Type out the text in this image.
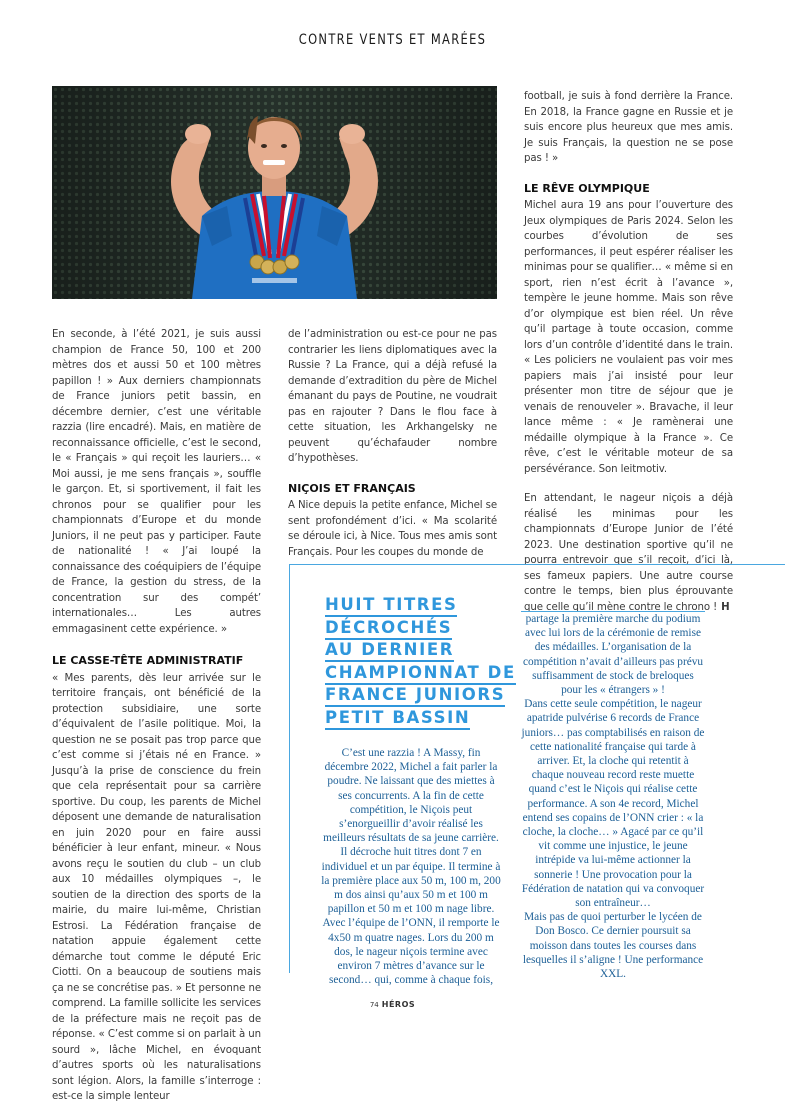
CONTRE VENTS ET MARÉES

En seconde, à l’été 2021, je suis aussi champion de France 50, 100 et 200 mètres dos et aussi 50 et 100 mètres papillon ! » Aux derniers championnats de France juniors petit bassin, en décembre dernier, c’est une véritable razzia (lire encadré). Mais, en matière de reconnaissance officielle, c’est le second, le « Français » qui reçoit les lauriers… « Moi aussi, je me sens français », souffle le garçon. Et, si sportivement, il fait les chronos pour se qualifier pour les championnats d’Europe et du monde Juniors, il ne peut pas y participer. Faute de nationalité ! « J’ai loupé la connaissance des coéquipiers de l’équipe de France, la gestion du stress, de la concentration sur des compét’ internationales… Les autres emmagasinent cette expérience. »

LE CASSE-TÊTE ADMINISTRATIF

« Mes parents, dès leur arrivée sur le territoire français, ont bénéficié de la protection subsidiaire, une sorte d’équivalent de l’asile politique. Moi, la question ne se posait pas trop parce que c’est comme si j’étais né en France. » Jusqu’à la prise de conscience du frein que cela représentait pour sa carrière sportive. Du coup, les parents de Michel déposent une demande de naturalisation en juin 2020 pour en faire aussi bénéficier à leur enfant, mineur. « Nous avons reçu le soutien du club – un club aux 10 médailles olympiques –, le soutien de la direction des sports de la mairie, du maire lui-même, Christian Estrosi. La Fédération française de natation appuie également cette démarche tout comme le député Eric Ciotti. On a beaucoup de soutiens mais ça ne se concrétise pas. » Et personne ne comprend. La famille sollicite les services de la préfecture mais ne reçoit pas de réponse. « C’est comme si on parlait à un sourd », lâche Michel, en évoquant d’autres sports où les naturalisations sont légion. Alors, la famille s’interroge : est-ce la simple lenteur

de l’administration ou est-ce pour ne pas contrarier les liens diplomatiques avec la Russie ? La France, qui a déjà refusé la demande d’extradition du père de Michel émanant du pays de Poutine, ne voudrait pas en rajouter ? Dans le flou face à cette situation, les Arkhangelsky ne peuvent qu’échafauder nombre d’hypothèses.

NIÇOIS ET FRANÇAIS

A Nice depuis la petite enfance, Michel se sent profondément d’ici. « Ma scolarité se déroule ici, à Nice. Tous mes amis sont Français. Pour les coupes du monde de

football, je suis à fond derrière la France. En 2018, la France gagne en Russie et je suis encore plus heureux que mes amis. Je suis Français, la question ne se pose pas ! »

LE RÊVE OLYMPIQUE

Michel aura 19 ans pour l’ouverture des Jeux olympiques de Paris 2024. Selon les courbes d’évolution de ses performances, il peut espérer réaliser les minimas pour se qualifier… « même si en sport, rien n’est écrit à l’avance », tempère le jeune homme. Mais son rêve d’or olympique est bien réel. Un rêve qu’il partage à toute occasion, comme lors d’un contrôle d’identité dans le train. « Les policiers ne voulaient pas voir mes papiers mais j’ai insisté pour leur présenter mon titre de séjour que je venais de renouveler ». Bravache, il leur lance même : « Je ramènerai une médaille olympique à la France ». Ce rêve, c’est le véritable moteur de sa persévérance. Son leitmotiv.

En attendant, le nageur niçois a déjà réalisé les minimas pour les championnats d’Europe Junior de l’été 2023. Une destination sportive qu’il ne pourra entrevoir que s’il reçoit, d’ici là, ses fameux papiers. Une autre course contre le temps, bien plus éprouvante que celle qu’il mène contre le chrono ! H

HUIT TITRES
DÉCROCHÉS
AU DERNIER
CHAMPIONNAT DE
FRANCE JUNIORS
PETIT BASSIN

C’est une razzia ! A Massy, fin décembre 2022, Michel a fait parler la poudre. Ne laissant que des miettes à ses concurrents. A la fin de cette compétition, le Niçois peut s’enorgueillir d’avoir réalisé les meilleurs résultats de sa jeune carrière. Il décroche huit titres dont 7 en individuel et un par équipe. Il termine à la première place aux 50 m, 100 m, 200 m dos ainsi qu’aux 50 m et 100 m papillon et 50 m et 100 m nage libre. Avec l’équipe de l’ONN, il remporte le 4x50 m quatre nages. Lors du 200 m dos, le nageur niçois termine avec environ 7 mètres d’avance sur le second… qui, comme à chaque fois,

partage la première marche du podium avec lui lors de la cérémonie de remise des médailles. L’organisation de la compétition n’avait d’ailleurs pas prévu suffisamment de stock de breloques pour les « étrangers » !

Dans cette seule compétition, le nageur apatride pulvérise 6 records de France juniors… pas comptabilisés en raison de cette nationalité française qui tarde à arriver. Et, la cloche qui retentit à chaque nouveau record reste muette quand c’est le Niçois qui réalise cette performance. A son 4e record, Michel entend ses copains de l’ONN crier : « la cloche, la cloche… » Agacé par ce qu’il vit comme une injustice, le jeune intrépide va lui-même actionner la sonnerie ! Une provocation pour la Fédération de natation qui va convoquer son entraîneur…

Mais pas de quoi perturber le lycéen de Don Bosco. Ce dernier poursuit sa moisson dans toutes les courses dans lesquelles il s’aligne ! Une performance XXL.

74 HÉROS
